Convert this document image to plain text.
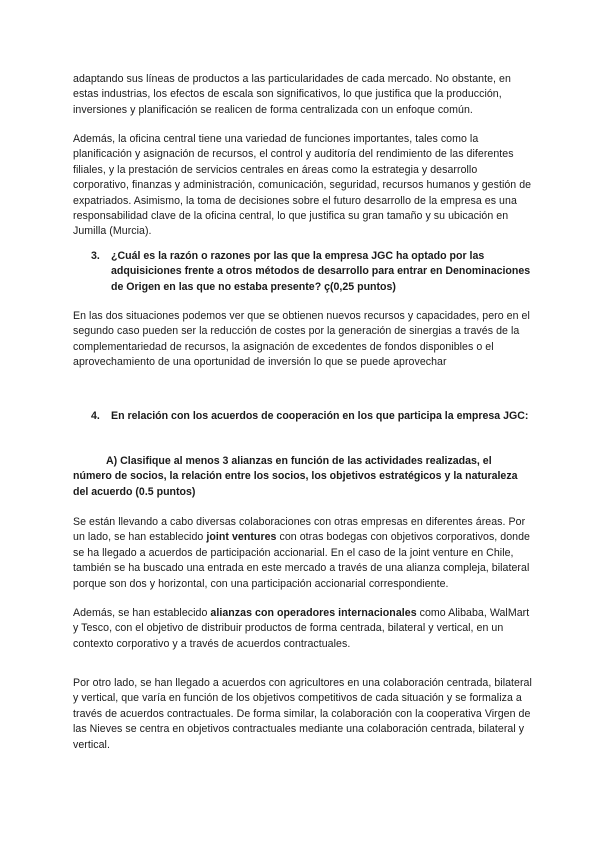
adaptando sus líneas de productos a las particularidades de cada mercado. No obstante, en estas industrias, los efectos de escala son significativos, lo que justifica que la producción, inversiones y planificación se realicen de forma centralizada con un enfoque común.

Además, la oficina central tiene una variedad de funciones importantes, tales como la planificación y asignación de recursos, el control y auditoría del rendimiento de las diferentes filiales, y la prestación de servicios centrales en áreas como la estrategia y desarrollo corporativo, finanzas y administración, comunicación, seguridad, recursos humanos y gestión de expatriados. Asimismo, la toma de decisiones sobre el futuro desarrollo de la empresa es una responsabilidad clave de la oficina central, lo que justifica su gran tamaño y su ubicación en Jumilla (Murcia).

3. ¿Cuál es la razón o razones por las que la empresa JGC ha optado por las adquisiciones frente a otros métodos de desarrollo para entrar en Denominaciones de Origen en las que no estaba presente? ç(0,25 puntos)

En las dos situaciones podemos ver que se obtienen nuevos recursos y capacidades, pero en el segundo caso pueden ser la reducción de costes por la generación de sinergias a través de la complementariedad de recursos, la asignación de excedentes de fondos disponibles o el aprovechamiento de una oportunidad de inversión lo que se puede aprovechar

4. En relación con los acuerdos de cooperación en los que participa la empresa JGC:

A) Clasifique al menos 3 alianzas en función de las actividades realizadas, el número de socios, la relación entre los socios, los objetivos estratégicos y la naturaleza del acuerdo (0.5 puntos)

Se están llevando a cabo diversas colaboraciones con otras empresas en diferentes áreas. Por un lado, se han establecido joint ventures con otras bodegas con objetivos corporativos, donde se ha llegado a acuerdos de participación accionarial. En el caso de la joint venture en Chile, también se ha buscado una entrada en este mercado a través de una alianza compleja, bilateral porque son dos y horizontal, con una participación accionarial correspondiente.

Además, se han establecido alianzas con operadores internacionales como Alibaba, WalMart y Tesco, con el objetivo de distribuir productos de forma centrada, bilateral y vertical, en un contexto corporativo y a través de acuerdos contractuales.

Por otro lado, se han llegado a acuerdos con agricultores en una colaboración centrada, bilateral y vertical, que varía en función de los objetivos competitivos de cada situación y se formaliza a través de acuerdos contractuales. De forma similar, la colaboración con la cooperativa Virgen de las Nieves se centra en objetivos contractuales mediante una colaboración centrada, bilateral y vertical.
